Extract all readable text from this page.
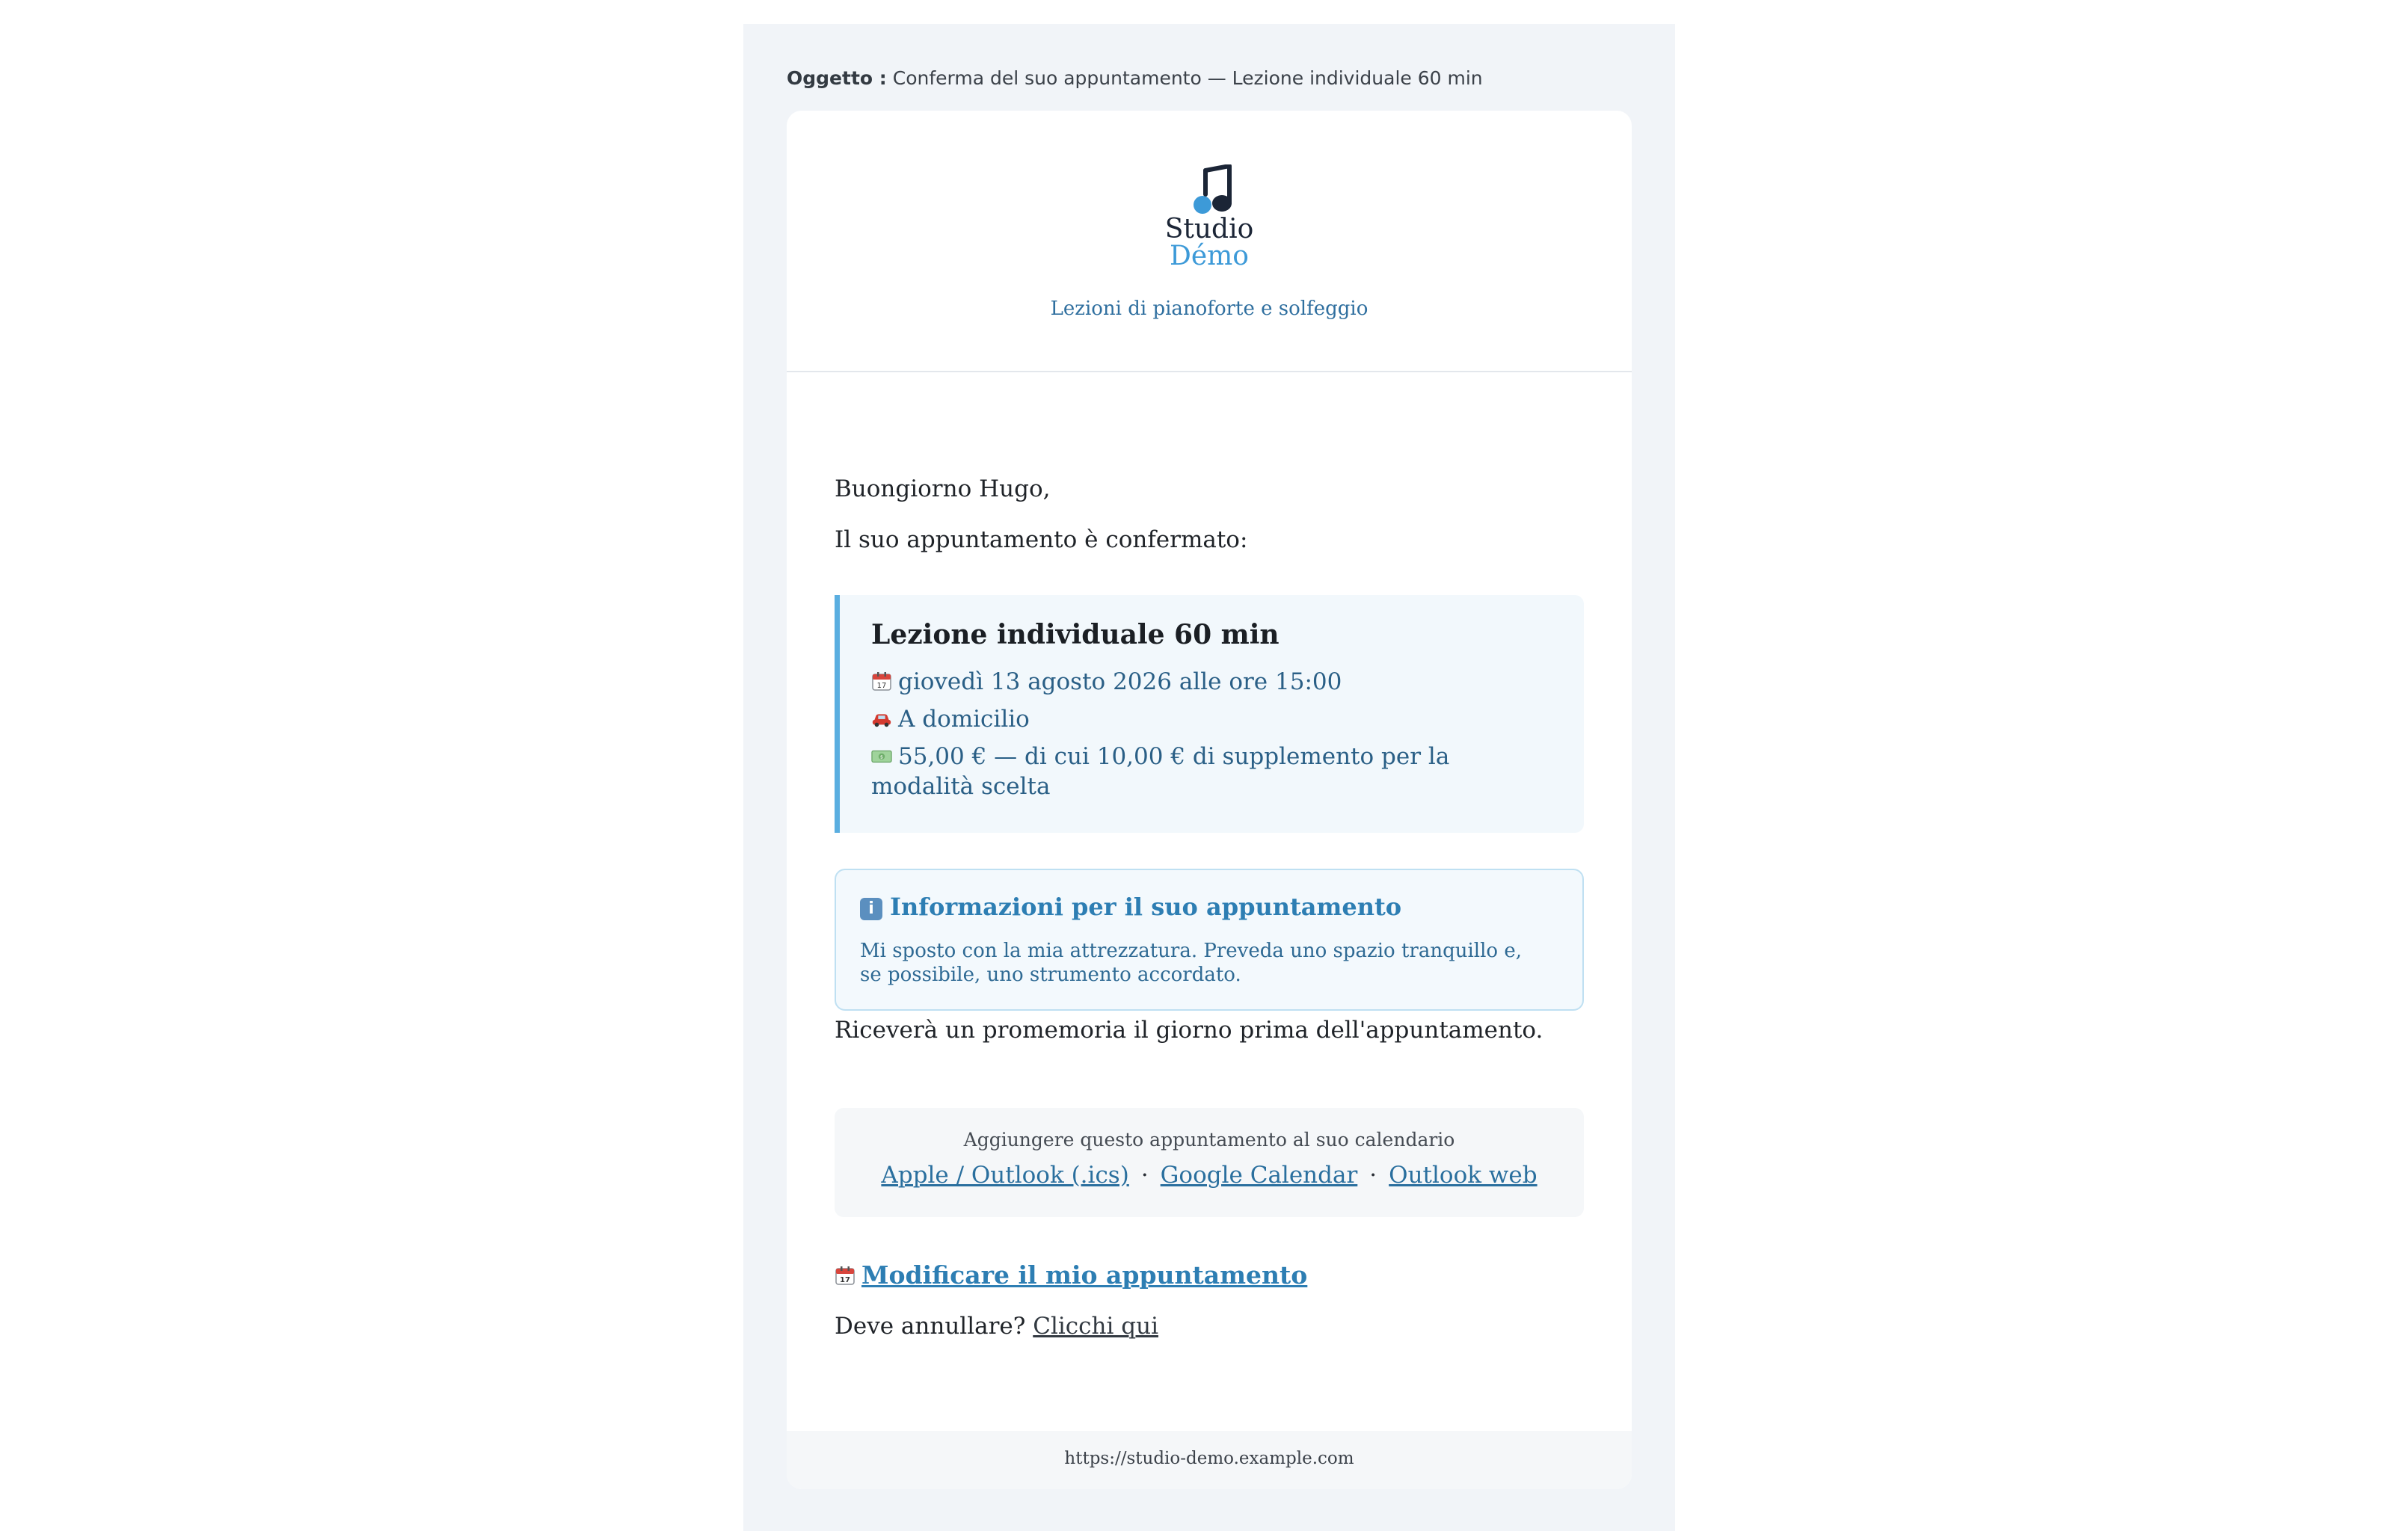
Oggetto : Conferma del suo appuntamento — Lezione individuale 60 min
Studio
Démo
Lezioni di pianoforte e solfeggio
Buongiorno Hugo,
Il suo appuntamento è confermato:
Lezione individuale 60 min
17 giovedì 13 agosto 2026 alle ore 15:00
A domicilio
$ 55,00 € — di cui 10,00 € di supplemento per la modalità scelta
i Informazioni per il suo appuntamento
Mi sposto con la mia attrezzatura. Preveda uno spazio tranquillo e, se possibile, uno strumento accordato.
Riceverà un promemoria il giorno prima dell'appuntamento.
Aggiungere questo appuntamento al suo calendario
Apple / Outlook (.ics) · Google Calendar · Outlook web
17 Modificare il mio appuntamento
Deve annullare? Clicchi qui
https://studio-demo.example.com
